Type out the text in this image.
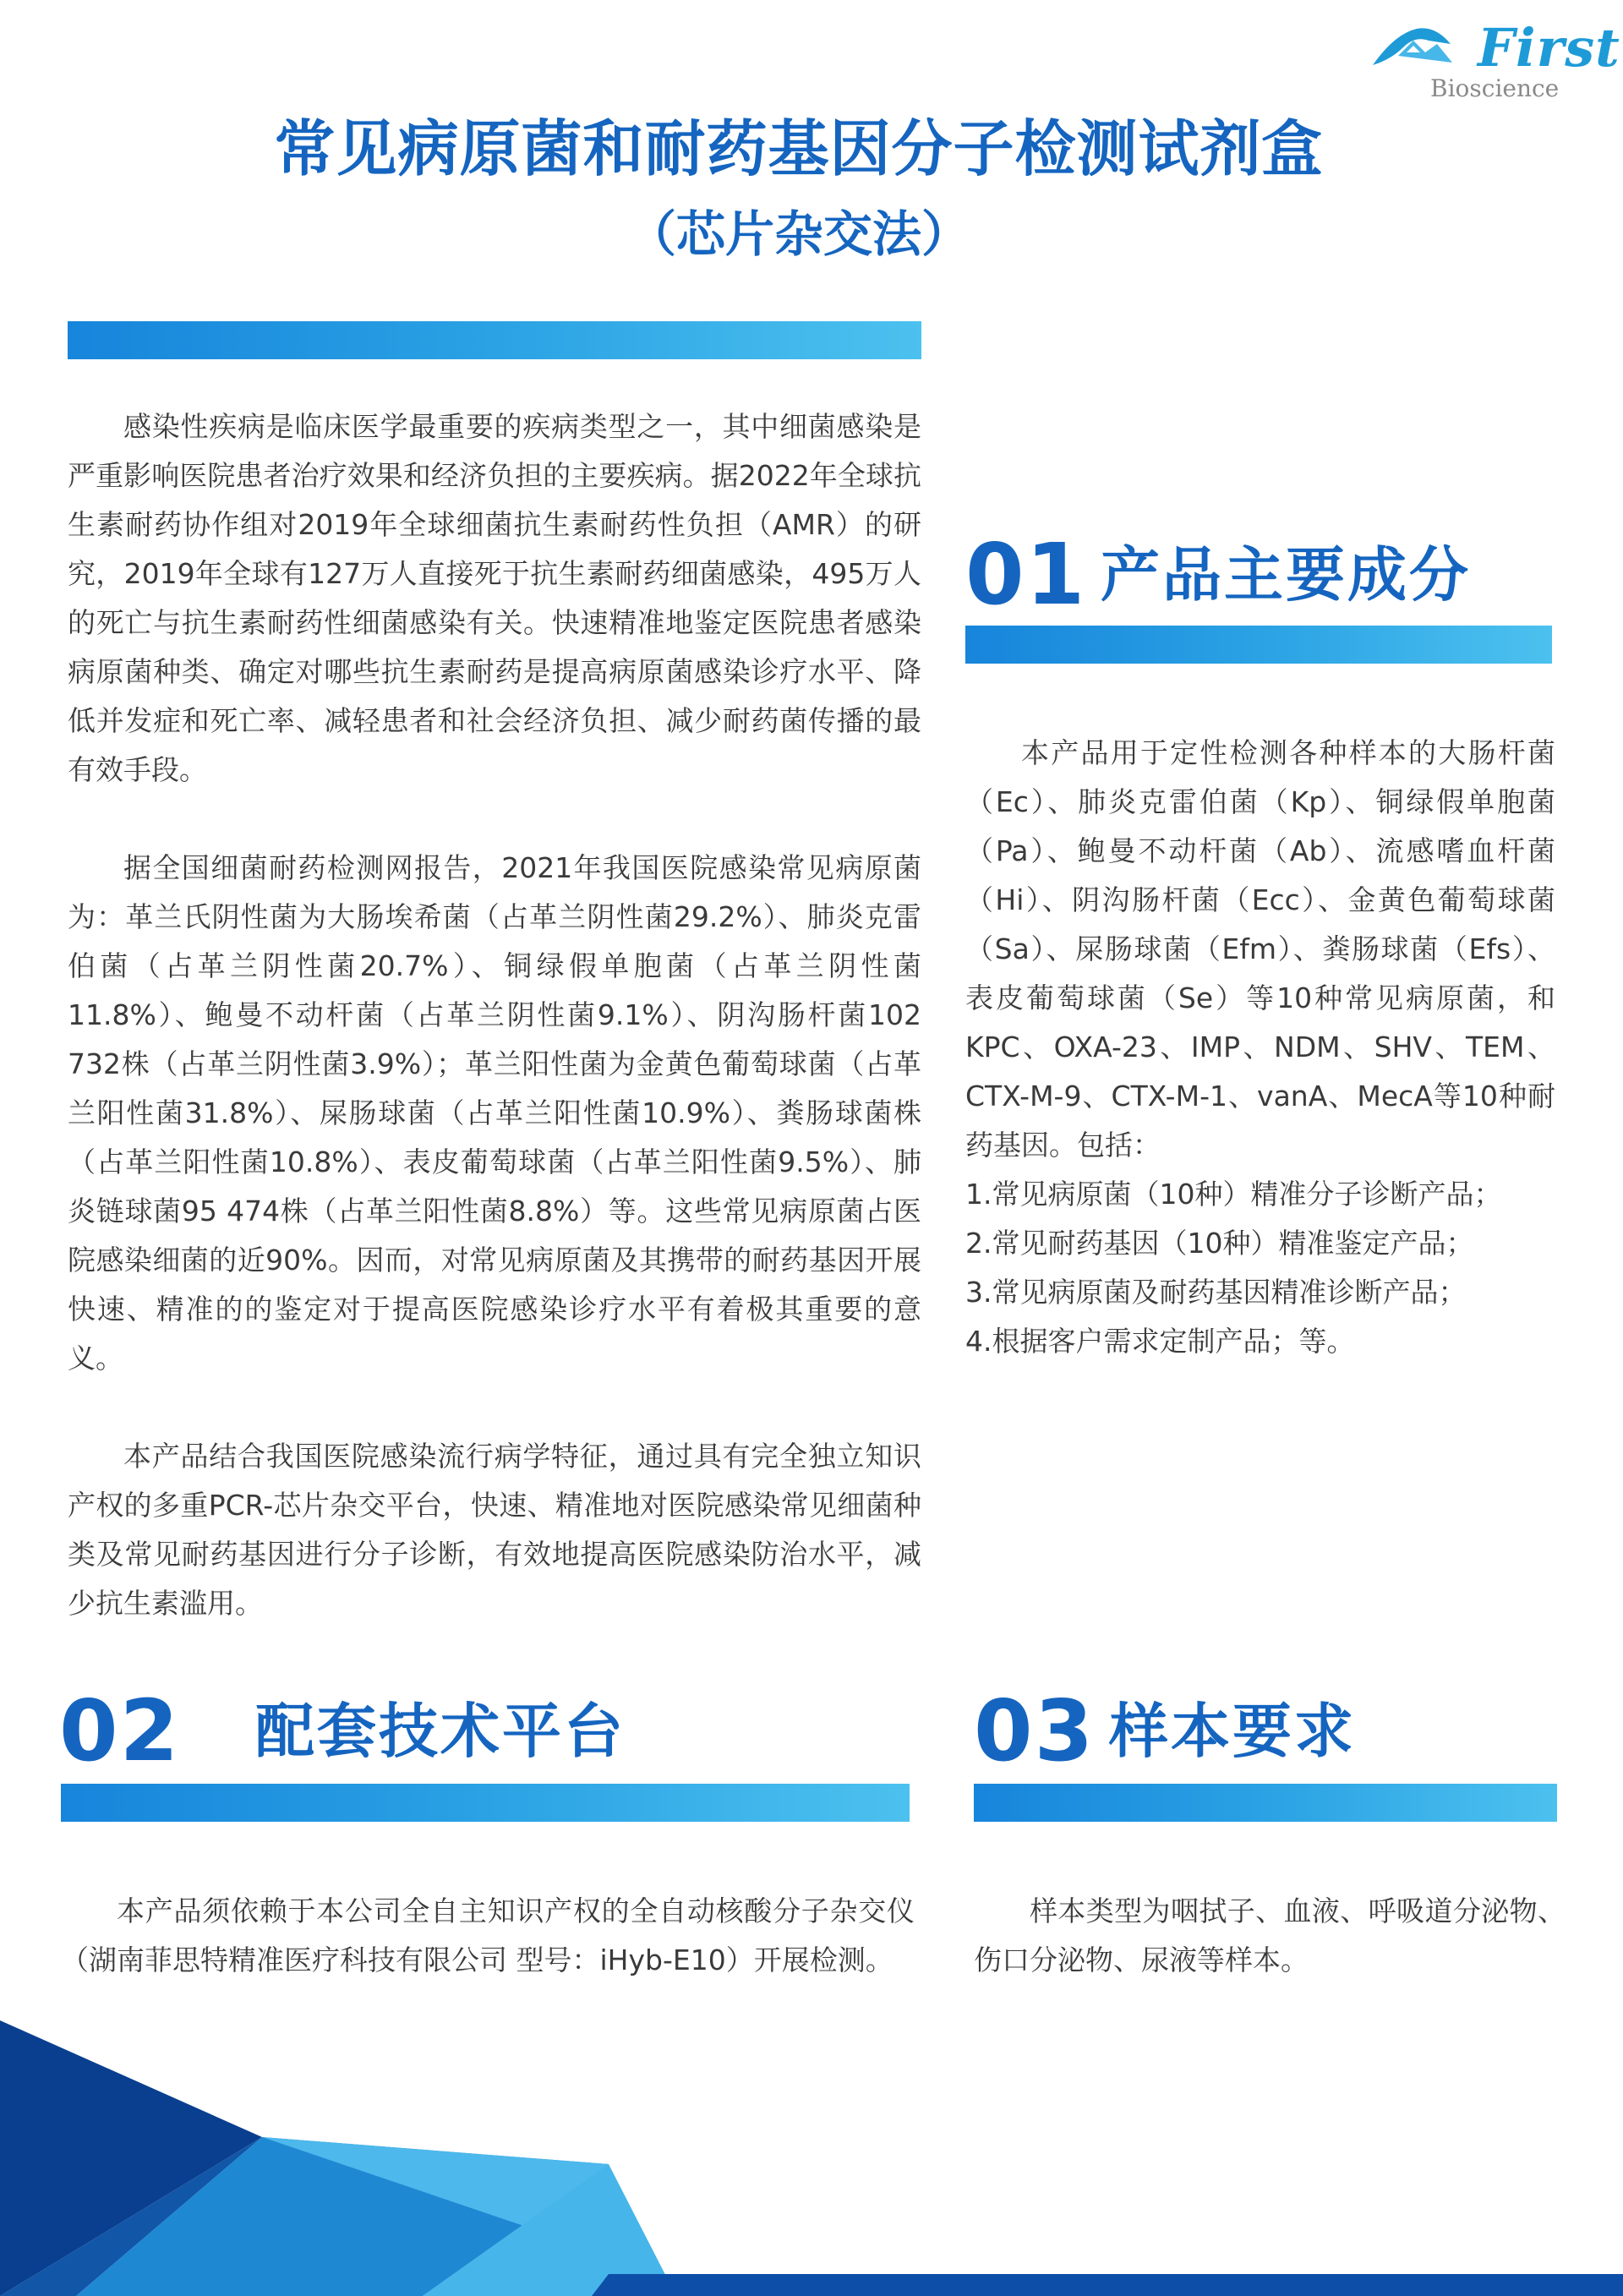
First
Bioscience
常见病原菌和耐药基因分子检测试剂盒
（芯片杂交法）

感染性疾病是临床医学最重要的疾病类型之一，其中细菌感染是严重影响医院患者治疗效果和经济负担的主要疾病。据2022年全球抗生素耐药协作组对2019年全球细菌抗生素耐药性负担（AMR）的研究，2019年全球有127万人直接死于抗生素耐药细菌感染，495万人的死亡与抗生素耐药性细菌感染有关。快速精准地鉴定医院患者感染病原菌种类、确定对哪些抗生素耐药是提高病原菌感染诊疗水平、降低并发症和死亡率、减轻患者和社会经济负担、减少耐药菌传播的最有效手段。

据全国细菌耐药检测网报告，2021年我国医院感染常见病原菌为：革兰氏阴性菌为大肠埃希菌（占革兰阴性菌29.2%）、肺炎克雷伯菌（占革兰阴性菌20.7%）、铜绿假单胞菌（占革兰阴性菌11.8%）、鲍曼不动杆菌（占革兰阴性菌9.1%）、阴沟肠杆菌102 732株（占革兰阴性菌3.9%）；革兰阳性菌为金黄色葡萄球菌（占革兰阳性菌31.8%）、屎肠球菌（占革兰阳性菌10.9%）、粪肠球菌株（占革兰阳性菌10.8%）、表皮葡萄球菌（占革兰阳性菌9.5%）、肺炎链球菌95 474株（占革兰阳性菌8.8%）等。这些常见病原菌占医院感染细菌的近90%。因而，对常见病原菌及其携带的耐药基因开展快速、精准的的鉴定对于提高医院感染诊疗水平有着极其重要的意义。

本产品结合我国医院感染流行病学特征，通过具有完全独立知识产权的多重PCR-芯片杂交平台，快速、精准地对医院感染常见细菌种类及常见耐药基因进行分子诊断，有效地提高医院感染防治水平，减少抗生素滥用。

01 产品主要成分

本产品用于定性检测各种样本的大肠杆菌（Ec）、肺炎克雷伯菌（Kp）、铜绿假单胞菌（Pa）、鲍曼不动杆菌（Ab）、流感嗜血杆菌（Hi）、阴沟肠杆菌（Ecc）、金黄色葡萄球菌（Sa）、屎肠球菌（Efm）、粪肠球菌（Efs）、表皮葡萄球菌（Se）等10种常见病原菌，和KPC、OXA-23、IMP、NDM、SHV、TEM、CTX-M-9、CTX-M-1、vanA、MecA等10种耐药基因。包括：

1.常见病原菌（10种）精准分子诊断产品；
2.常见耐药基因（10种）精准鉴定产品；
3.常见病原菌及耐药基因精准诊断产品；
4.根据客户需求定制产品；等。
02 配套技术平台

本产品须依赖于本公司全自主知识产权的全自动核酸分子杂交仪（湖南菲思特精准医疗科技有限公司 型号：iHyb-E10）开展检测。

03 样本要求

样本类型为咽拭子、血液、呼吸道分泌物、伤口分泌物、尿液等样本。
